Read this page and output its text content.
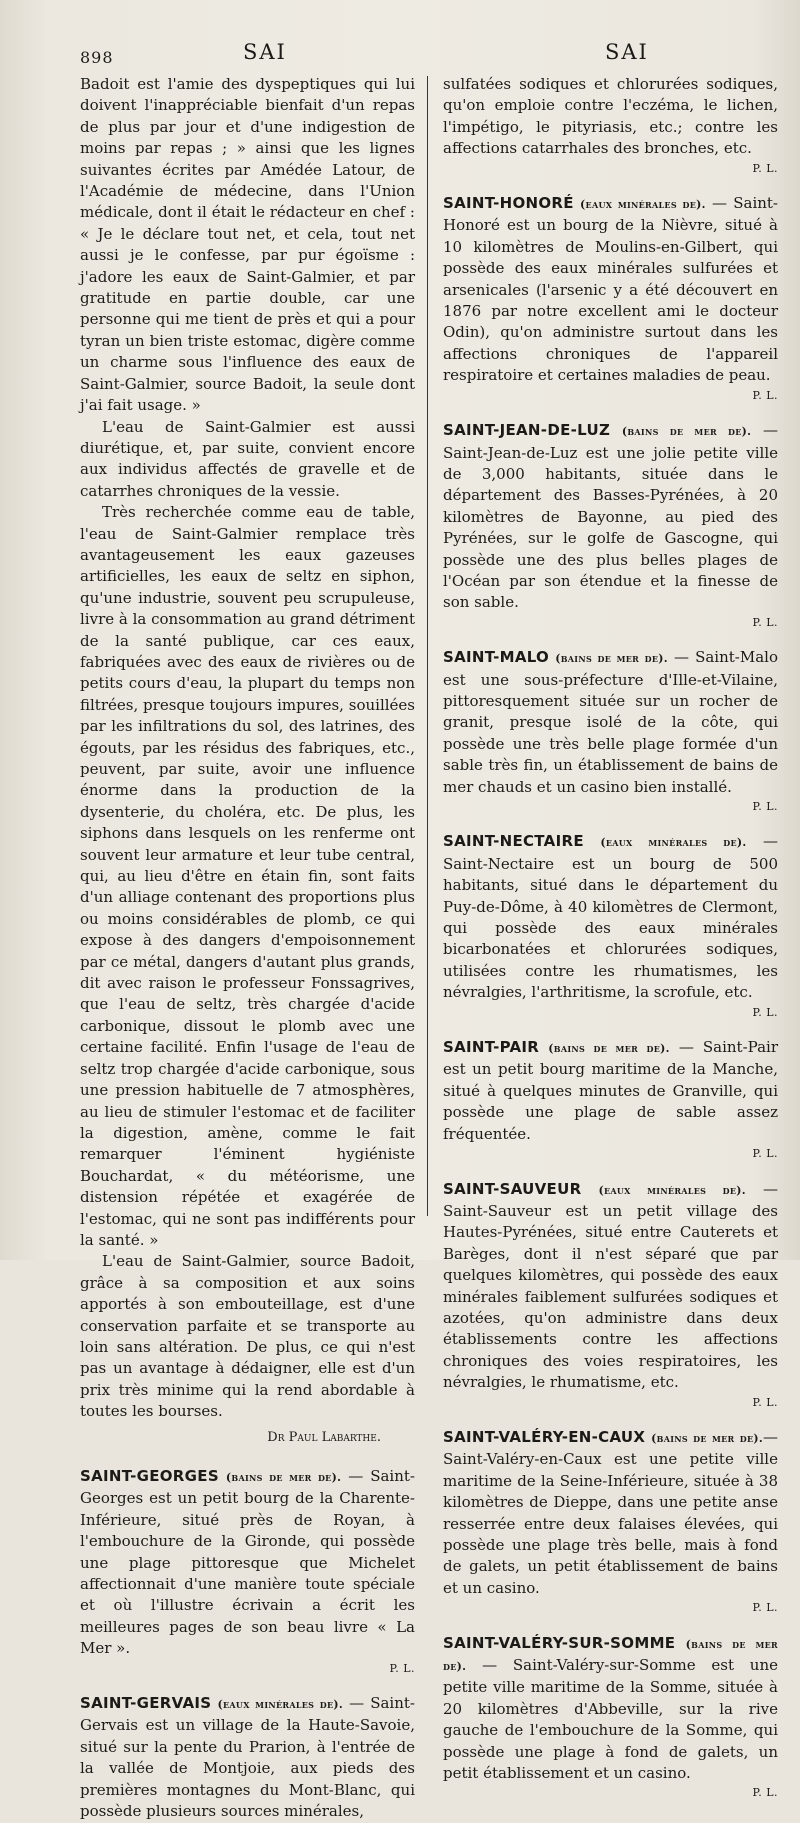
898	SAI	SAI

Badoit est l'amie des dyspeptiques qui lui doivent l'inappréciable bienfait d'un repas de plus par jour et d'une indigestion de moins par repas ; » ainsi que les lignes suivantes écrites par Amédée Latour, de l'Académie de médecine, dans l'Union médicale, dont il était le rédacteur en chef : « Je le déclare tout net, et cela, tout net aussi je le confesse, par pur égoïsme : j'adore les eaux de Saint-Galmier, et par gratitude en partie double, car une personne qui me tient de près et qui a pour tyran un bien triste estomac, digère comme un charme sous l'influence des eaux de Saint-Galmier, source Badoit, la seule dont j'ai fait usage. »

L'eau de Saint-Galmier est aussi diurétique, et, par suite, convient encore aux individus affectés de gravelle et de catarrhes chroniques de la vessie.

Très recherchée comme eau de table, l'eau de Saint-Galmier remplace très avantageusement les eaux gazeuses artificielles, les eaux de seltz en siphon, qu'une industrie, souvent peu scrupuleuse, livre à la consommation au grand détriment de la santé publique, car ces eaux, fabriquées avec des eaux de rivières ou de petits cours d'eau, la plupart du temps non filtrées, presque toujours impures, souillées par les infiltrations du sol, des latrines, des égouts, par les résidus des fabriques, etc., peuvent, par suite, avoir une influence énorme dans la production de la dysenterie, du choléra, etc. De plus, les siphons dans lesquels on les renferme ont souvent leur armature et leur tube central, qui, au lieu d'être en étain fin, sont faits d'un alliage contenant des proportions plus ou moins considérables de plomb, ce qui expose à des dangers d'empoisonnement par ce métal, dangers d'autant plus grands, dit avec raison le professeur Fonssagrives, que l'eau de seltz, très chargée d'acide carbonique, dissout le plomb avec une certaine facilité. Enfin l'usage de l'eau de seltz trop chargée d'acide carbonique, sous une pression habituelle de 7 atmosphères, au lieu de stimuler l'estomac et de faciliter la digestion, amène, comme le fait remarquer l'éminent hygiéniste Bouchardat, « du météorisme, une distension répétée et exagérée de l'estomac, qui ne sont pas indifférents pour la santé. »

L'eau de Saint-Galmier, source Badoit, grâce à sa composition et aux soins apportés à son embouteillage, est d'une conservation parfaite et se transporte au loin sans altération. De plus, ce qui n'est pas un avantage à dédaigner, elle est d'un prix très minime qui la rend abordable à toutes les bourses.

Dr Paul Labarthe.

SAINT-GEORGES (bains de mer de). — Saint-Georges est un petit bourg de la Charente-Inférieure, situé près de Royan, à l'embouchure de la Gironde, qui possède une plage pittoresque que Michelet affectionnait d'une manière toute spéciale et où l'illustre écrivain a écrit les meilleures pages de son beau livre « La Mer ».

P. L.

SAINT-GERVAIS (eaux minérales de). — Saint-Gervais est un village de la Haute-Savoie, situé sur la pente du Prarion, à l'entrée de la vallée de Montjoie, aux pieds des premières montagnes du Mont-Blanc, qui possède plusieurs sources minérales,

sulfatées sodiques et chlorurées sodiques, qu'on emploie contre l'eczéma, le lichen, l'impétigo, le pityriasis, etc.; contre les affections catarrhales des bronches, etc.

P. L.

SAINT-HONORÉ (eaux minérales de). — Saint-Honoré est un bourg de la Nièvre, situé à 10 kilomètres de Moulins-en-Gilbert, qui possède des eaux minérales sulfurées et arsenicales (l'arsenic y a été découvert en 1876 par notre excellent ami le docteur Odin), qu'on administre surtout dans les affections chroniques de l'appareil respiratoire et certaines maladies de peau.

P. L.

SAINT-JEAN-DE-LUZ (bains de mer de). — Saint-Jean-de-Luz est une jolie petite ville de 3,000 habitants, située dans le département des Basses-Pyrénées, à 20 kilomètres de Bayonne, au pied des Pyrénées, sur le golfe de Gascogne, qui possède une des plus belles plages de l'Océan par son étendue et la finesse de son sable.

P. L.

SAINT-MALO (bains de mer de). — Saint-Malo est une sous-préfecture d'Ille-et-Vilaine, pittoresquement située sur un rocher de granit, presque isolé de la côte, qui possède une très belle plage formée d'un sable très fin, un établissement de bains de mer chauds et un casino bien installé.

P. L.

SAINT-NECTAIRE (eaux minérales de). — Saint-Nectaire est un bourg de 500 habitants, situé dans le département du Puy-de-Dôme, à 40 kilomètres de Clermont, qui possède des eaux minérales bicarbonatées et chlorurées sodiques, utilisées contre les rhumatismes, les névralgies, l'arthritisme, la scrofule, etc.

P. L.

SAINT-PAIR (bains de mer de). — Saint-Pair est un petit bourg maritime de la Manche, situé à quelques minutes de Granville, qui possède une plage de sable assez fréquentée.

P. L.

SAINT-SAUVEUR (eaux minérales de). — Saint-Sauveur est un petit village des Hautes-Pyrénées, situé entre Cauterets et Barèges, dont il n'est séparé que par quelques kilomètres, qui possède des eaux minérales faiblement sulfurées sodiques et azotées, qu'on administre dans deux établissements contre les affections chroniques des voies respiratoires, les névralgies, le rhumatisme, etc.

P. L.

SAINT-VALÉRY-EN-CAUX (bains de mer de).—Saint-Valéry-en-Caux est une petite ville maritime de la Seine-Inférieure, située à 38 kilomètres de Dieppe, dans une petite anse resserrée entre deux falaises élevées, qui possède une plage très belle, mais à fond de galets, un petit établissement de bains et un casino.

P. L.

SAINT-VALÉRY-SUR-SOMME (bains de mer de). — Saint-Valéry-sur-Somme est une petite ville maritime de la Somme, située à 20 kilomètres d'Abbeville, sur la rive gauche de l'embouchure de la Somme, qui possède une plage à fond de galets, un petit établissement et un casino.

P. L.
